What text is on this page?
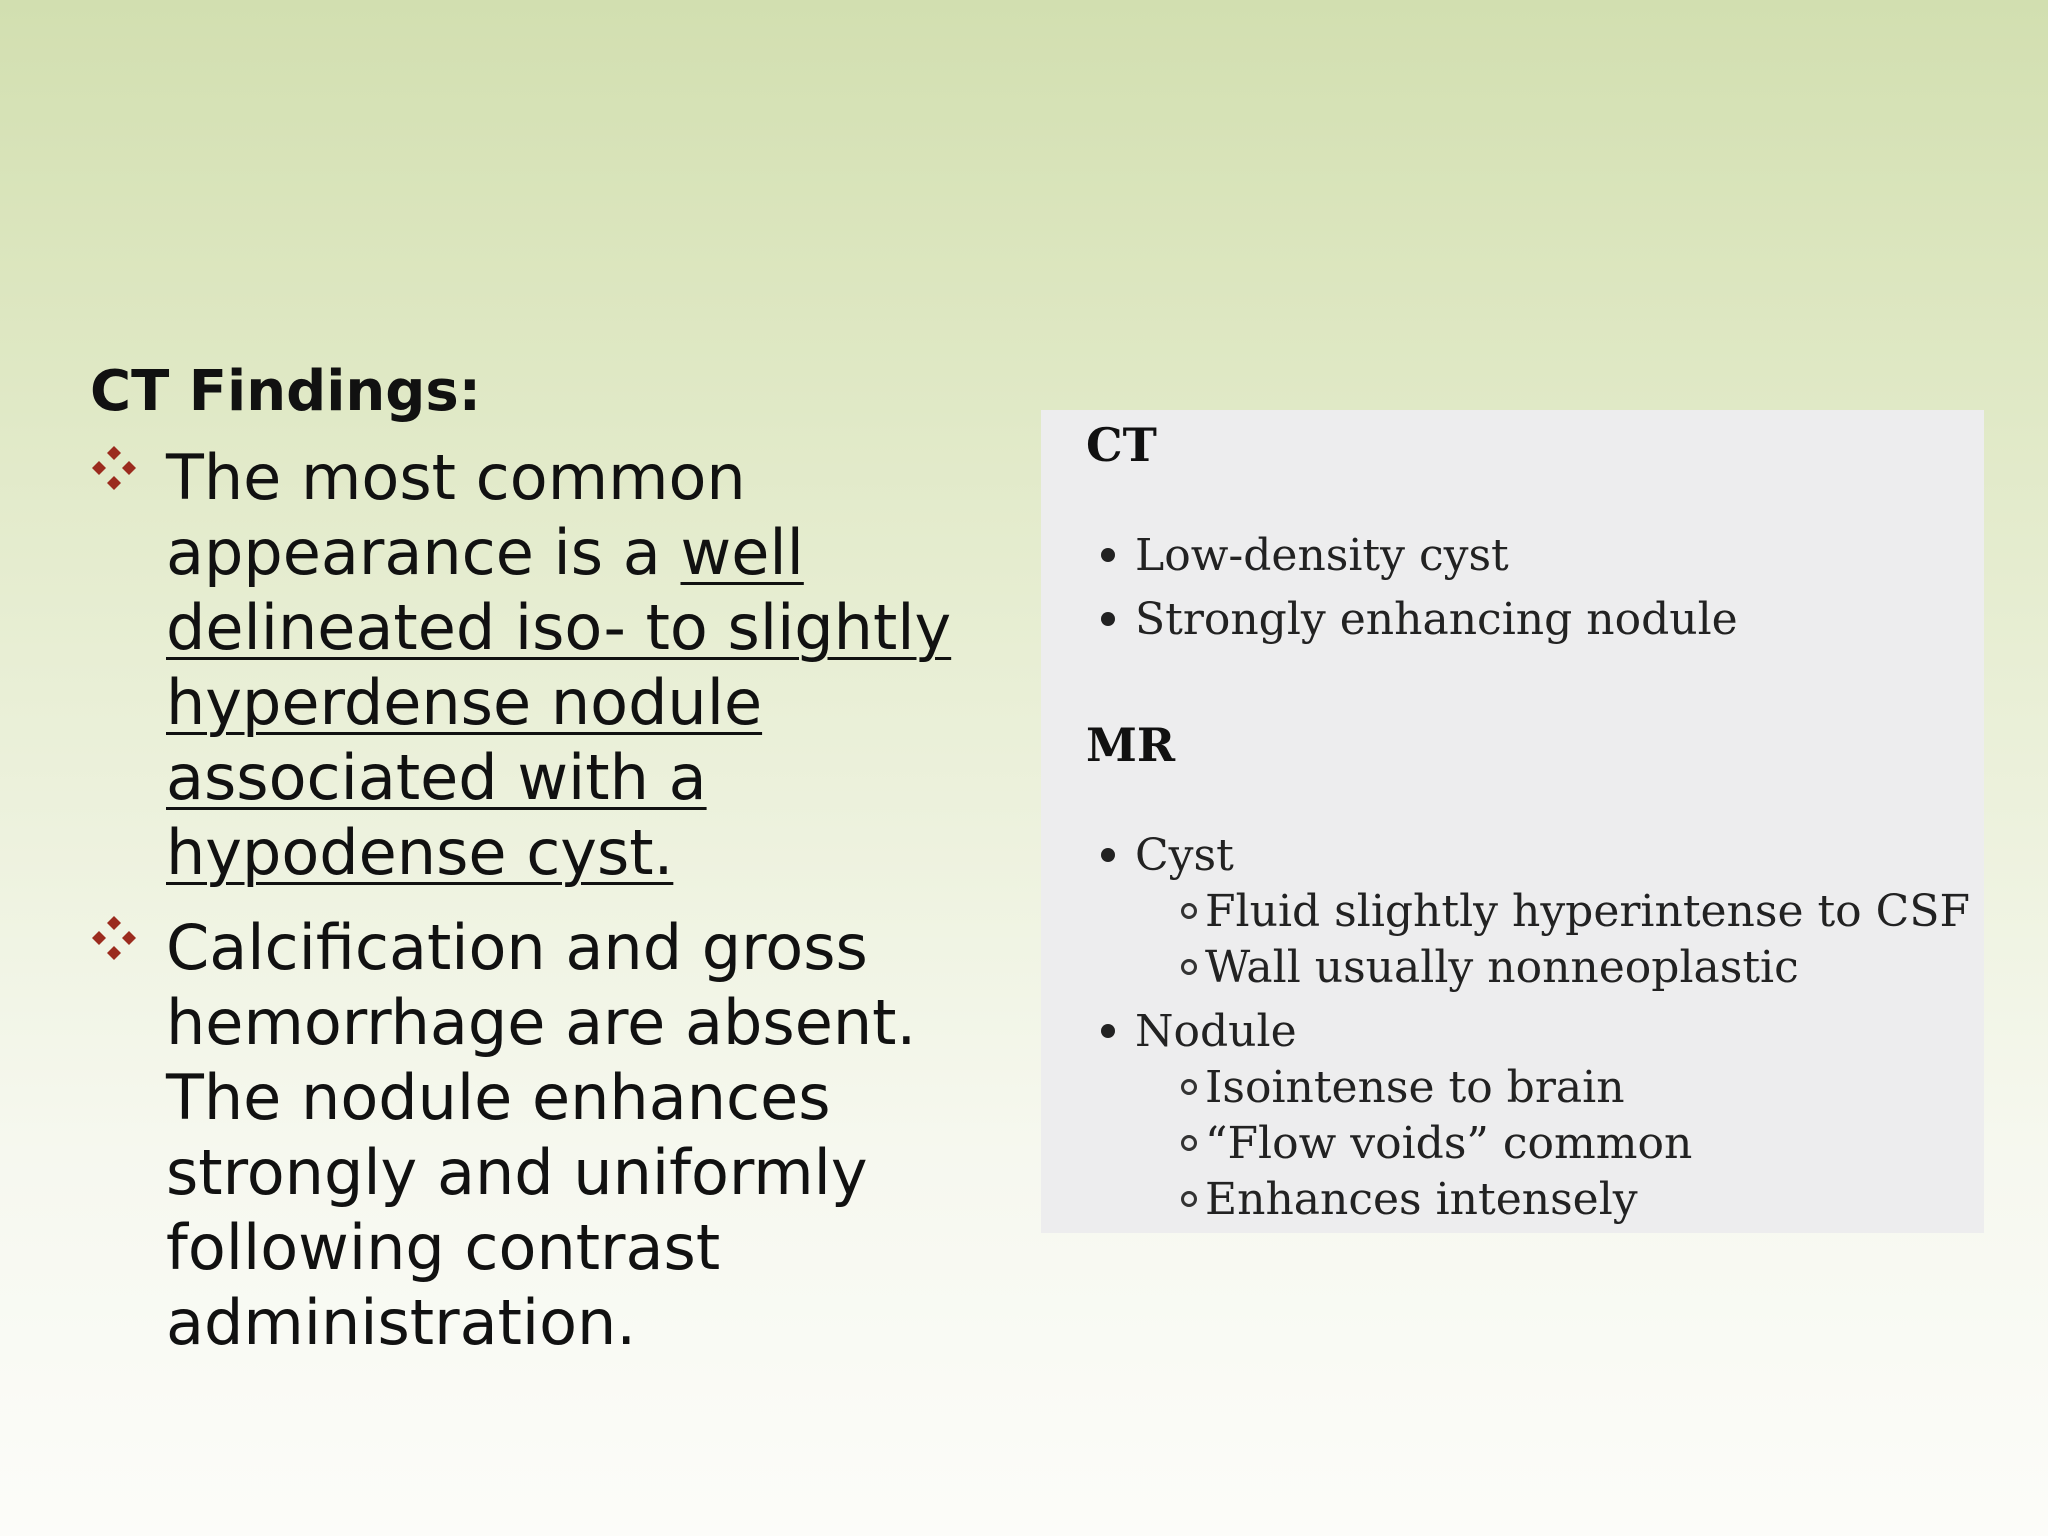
CT Findings:
The most common appearance is a well delineated iso- to slightly hyperdense nodule associated with a hypodense cyst.
Calcification and gross hemorrhage are absent. The nodule enhances strongly and uniformly following contrast administration.
CT
Low-density cyst
Strongly enhancing nodule
MR
Cyst
Fluid slightly hyperintense to CSF
Wall usually nonneoplastic
Nodule
Isointense to brain
“Flow voids” common
Enhances intensely
